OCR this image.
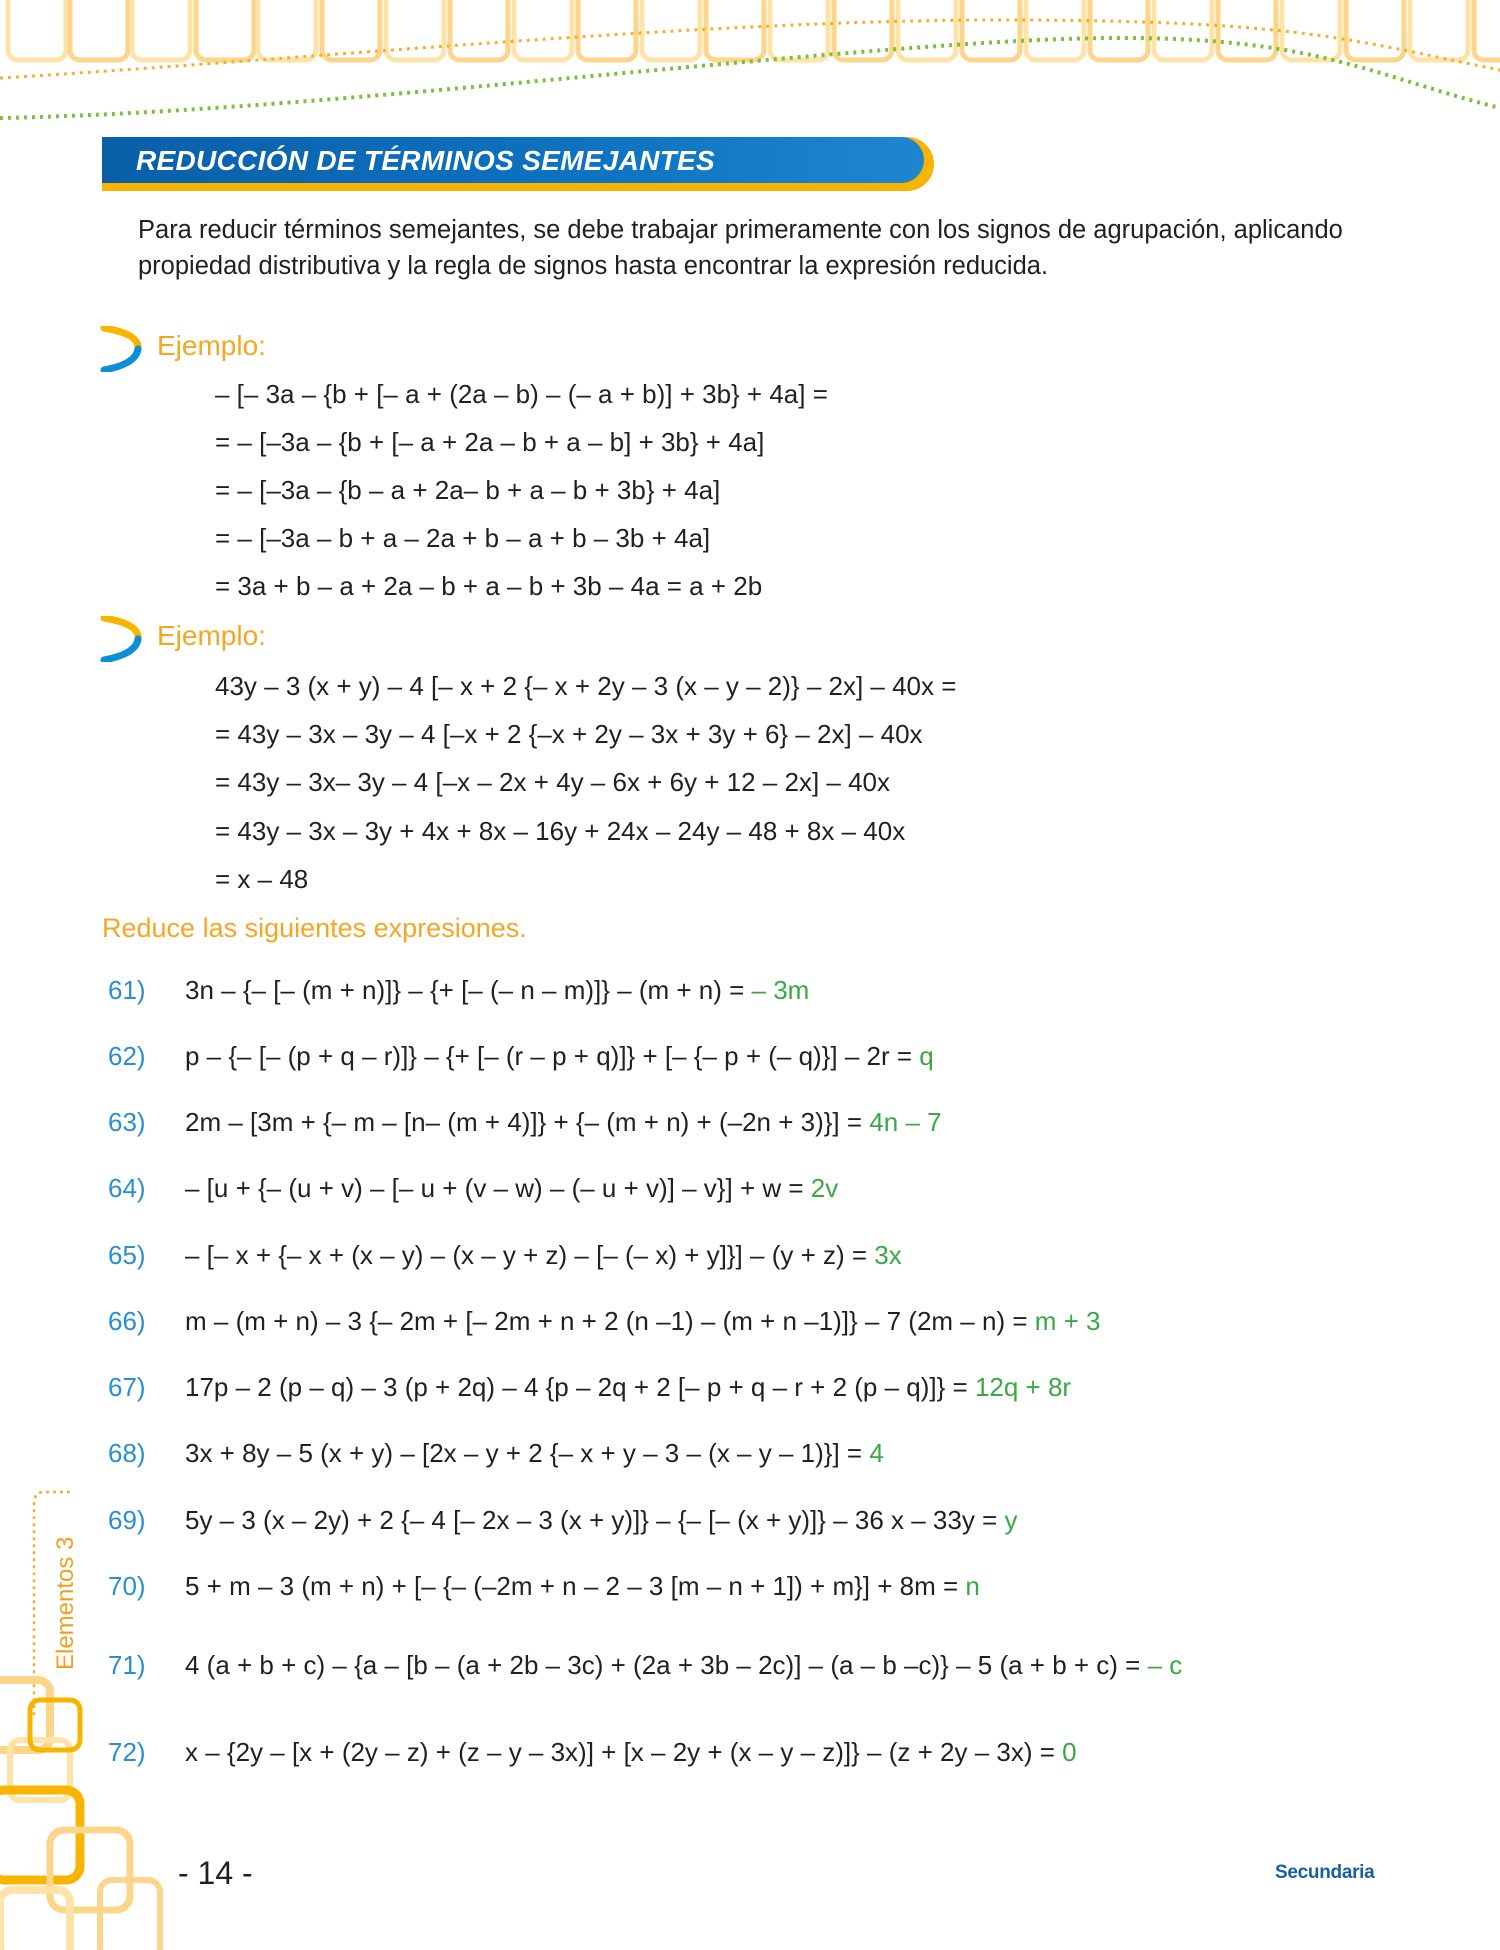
REDUCCIÓN DE TÉRMINOS SEMEJANTES

Para reducir términos semejantes, se debe trabajar primeramente con los signos de agrupación, aplicando propiedad distributiva y la regla de signos hasta encontrar la expresión reducida.

Ejemplo:

– [– 3a – {b + [– a + (2a – b) – (– a + b)] + 3b} + 4a] =

= – [–3a – {b + [– a + 2a – b + a – b] + 3b} + 4a]

= – [–3a – {b – a + 2a– b + a – b + 3b} + 4a]

= – [–3a – b + a – 2a + b – a + b – 3b + 4a]

= 3a + b – a + 2a – b + a – b + 3b – 4a = a + 2b

Ejemplo:

43y – 3 (x + y) – 4 [– x + 2 {– x + 2y – 3 (x – y – 2)} – 2x] – 40x =

= 43y – 3x – 3y – 4 [–x + 2 {–x + 2y – 3x + 3y + 6} – 2x] – 40x

= 43y – 3x– 3y – 4 [–x – 2x + 4y – 6x + 6y + 12 – 2x] – 40x

= 43y – 3x – 3y + 4x + 8x – 16y + 24x – 24y – 48 + 8x – 40x

= x – 48

Reduce las siguientes expresiones.

61) 3n – {– [– (m + n)]} – {+ [– (– n – m)]} – (m + n) = – 3m
62) p – {– [– (p + q – r)]} – {+ [– (r – p + q)]} + [– {– p + (– q)}] – 2r = q
63) 2m – [3m + {– m – [n– (m + 4)]} + {– (m + n) + (–2n + 3)}] = 4n – 7
64) – [u + {– (u + v) – [– u + (v – w) – (– u + v)] – v}] + w = 2v
65) – [– x + {– x + (x – y) – (x – y + z) – [– (– x) + y]}] – (y + z) = 3x
66) m – (m + n) – 3 {– 2m + [– 2m + n + 2 (n –1) – (m + n –1)]} – 7 (2m – n) = m + 3
67) 17p – 2 (p – q) – 3 (p + 2q) – 4 {p – 2q + 2 [– p + q – r + 2 (p – q)]} = 12q + 8r
68) 3x + 8y – 5 (x + y) – [2x – y + 2 {– x + y – 3 – (x – y – 1)}] = 4
69) 5y – 3 (x – 2y) + 2 {– 4 [– 2x – 3 (x + y)]} – {– [– (x + y)]} – 36 x – 33y = y
70) 5 + m – 3 (m + n) + [– {– (–2m + n – 2 – 3 [m – n + 1]) + m}] + 8m = n
71) 4 (a + b + c) – {a – [b – (a + 2b – 3c) + (2a + 3b – 2c)] – (a – b –c)} – 5 (a + b + c) = – c
72) x – {2y – [x + (2y – z) + (z – y – 3x)] + [x – 2y + (x – y – z)]} – (z + 2y – 3x) = 0
Elementos 3

- 14 -	Secundaria
